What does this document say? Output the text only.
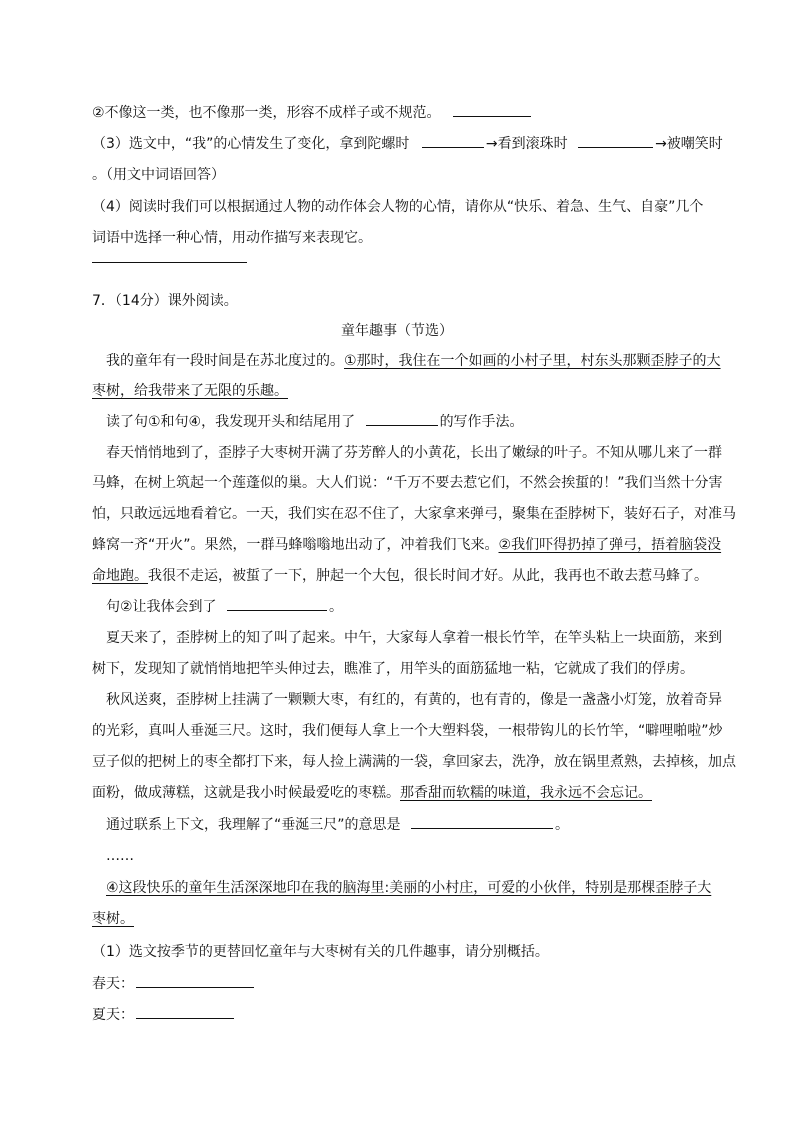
②不像这一类，也不像那一类，形容不成样子或不规范。
（3）选文中，“我”的心情发生了变化，拿到陀螺时	→看到滚珠时	→被嘲笑时
。（用文中词语回答）
（4）阅读时我们可以根据通过人物的动作体会人物的心情，请你从“快乐、着急、生气、自豪”几个
词语中选择一种心情，用动作描写来表现它。
7．（14分）课外阅读。
童年趣事（节选）
我的童年有一段时间是在苏北度过的。①那时，我住在一个如画的小村子里，村东头那颗歪脖子的大
枣树，给我带来了无限的乐趣。
读了句①和句④，我发现开头和结尾用了	的写作手法。
春天悄悄地到了，歪脖子大枣树开满了芬芳醉人的小黄花，长出了嫩绿的叶子。不知从哪儿来了一群
马蜂，在树上筑起一个莲蓬似的巢。大人们说：“千万不要去惹它们，不然会挨蜇的！”我们当然十分害
怕，只敢远远地看着它。一天，我们实在忍不住了，大家拿来弹弓，聚集在歪脖树下，装好石子，对准马
蜂窝一齐“开火”。果然，一群马蜂嗡嗡地出动了，冲着我们飞来。②我们吓得扔掉了弹弓，捂着脑袋没
命地跑。我很不走运，被蜇了一下，肿起一个大包，很长时间才好。从此，我再也不敢去惹马蜂了。
句②让我体会到了	。
夏天来了，歪脖树上的知了叫了起来。中午，大家每人拿着一根长竹竿，在竿头粘上一块面筋，来到
树下，发现知了就悄悄地把竿头伸过去，瞧准了，用竿头的面筋猛地一粘，它就成了我们的俘虏。
秋风送爽，歪脖树上挂满了一颗颗大枣，有红的，有黄的，也有青的，像是一盏盏小灯笼，放着奇异
的光彩，真叫人垂涎三尺。这时，我们便每人拿上一个大塑料袋，一根带钩儿的长竹竿，“噼哩啪啦”炒
豆子似的把树上的枣全都打下来，每人捡上满满的一袋，拿回家去，洗净，放在锅里煮熟，去掉核，加点
面粉，做成薄糕，这就是我小时候最爱吃的枣糕。那香甜而软糯的味道，我永远不会忘记。
通过联系上下文，我理解了“垂涎三尺”的意思是	。
……
④这段快乐的童年生活深深地印在我的脑海里:美丽的小村庄，可爱的小伙伴，特别是那棵歪脖子大
枣树。
（1）选文按季节的更替回忆童年与大枣树有关的几件趣事，请分别概括。
春天：
夏天：
